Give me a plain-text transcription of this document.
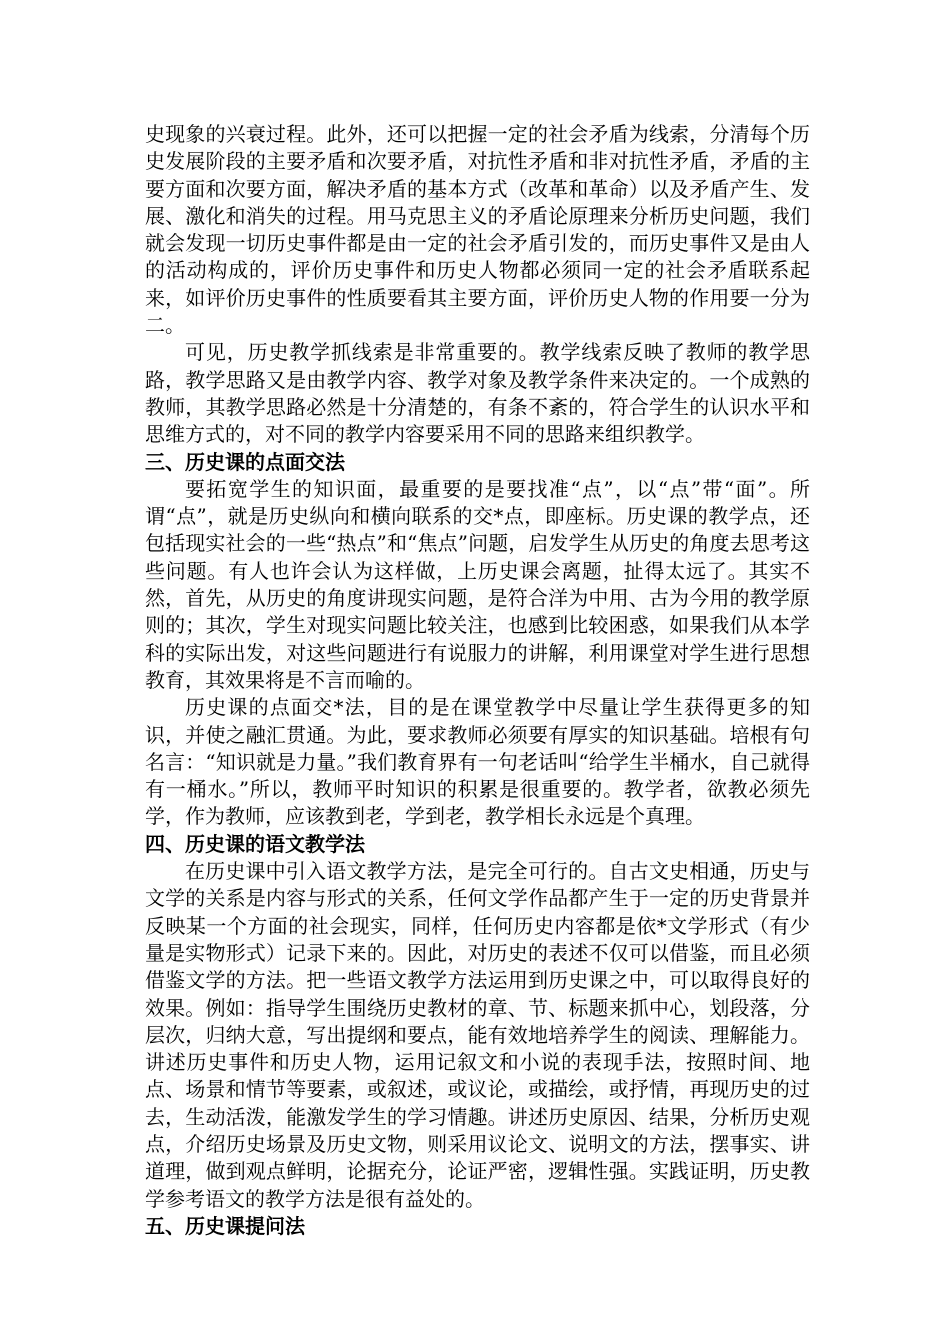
史现象的兴衰过程。此外，还可以把握一定的社会矛盾为线索，分清每个历史发展阶段的主要矛盾和次要矛盾，对抗性矛盾和非对抗性矛盾，矛盾的主要方面和次要方面，解决矛盾的基本方式（改革和革命）以及矛盾产生、发展、激化和消失的过程。用马克思主义的矛盾论原理来分析历史问题，我们就会发现一切历史事件都是由一定的社会矛盾引发的，而历史事件又是由人的活动构成的，评价历史事件和历史人物都必须同一定的社会矛盾联系起来，如评价历史事件的性质要看其主要方面，评价历史人物的作用要一分为二。

可见，历史教学抓线索是非常重要的。教学线索反映了教师的教学思路，教学思路又是由教学内容、教学对象及教学条件来决定的。一个成熟的教师，其教学思路必然是十分清楚的，有条不紊的，符合学生的认识水平和思维方式的，对不同的教学内容要采用不同的思路来组织教学。

三、历史课的点面交法

要拓宽学生的知识面，最重要的是要找准“点”，以“点”带“面”。所谓“点”，就是历史纵向和横向联系的交*点，即座标。历史课的教学点，还包括现实社会的一些“热点”和“焦点”问题，启发学生从历史的角度去思考这些问题。有人也许会认为这样做，上历史课会离题，扯得太远了。其实不然，首先，从历史的角度讲现实问题，是符合洋为中用、古为今用的教学原则的；其次，学生对现实问题比较关注，也感到比较困惑，如果我们从本学科的实际出发，对这些问题进行有说服力的讲解，利用课堂对学生进行思想教育，其效果将是不言而喻的。

历史课的点面交*法，目的是在课堂教学中尽量让学生获得更多的知识，并使之融汇贯通。为此，要求教师必须要有厚实的知识基础。培根有句名言：“知识就是力量。”我们教育界有一句老话叫“给学生半桶水，自己就得有一桶水。”所以，教师平时知识的积累是很重要的。教学者，欲教必须先学，作为教师，应该教到老，学到老，教学相长永远是个真理。

四、历史课的语文教学法

在历史课中引入语文教学方法，是完全可行的。自古文史相通，历史与文学的关系是内容与形式的关系，任何文学作品都产生于一定的历史背景并反映某一个方面的社会现实，同样，任何历史内容都是依*文学形式（有少量是实物形式）记录下来的。因此，对历史的表述不仅可以借鉴，而且必须借鉴文学的方法。把一些语文教学方法运用到历史课之中，可以取得良好的效果。例如：指导学生围绕历史教材的章、节、标题来抓中心，划段落，分层次，归纳大意，写出提纲和要点，能有效地培养学生的阅读、理解能力。讲述历史事件和历史人物，运用记叙文和小说的表现手法，按照时间、地点、场景和情节等要素，或叙述，或议论，或描绘，或抒情，再现历史的过去，生动活泼，能激发学生的学习情趣。讲述历史原因、结果，分析历史观点，介绍历史场景及历史文物，则采用议论文、说明文的方法，摆事实、讲道理，做到观点鲜明，论据充分，论证严密，逻辑性强。实践证明，历史教学参考语文的教学方法是很有益处的。

五、历史课提问法
